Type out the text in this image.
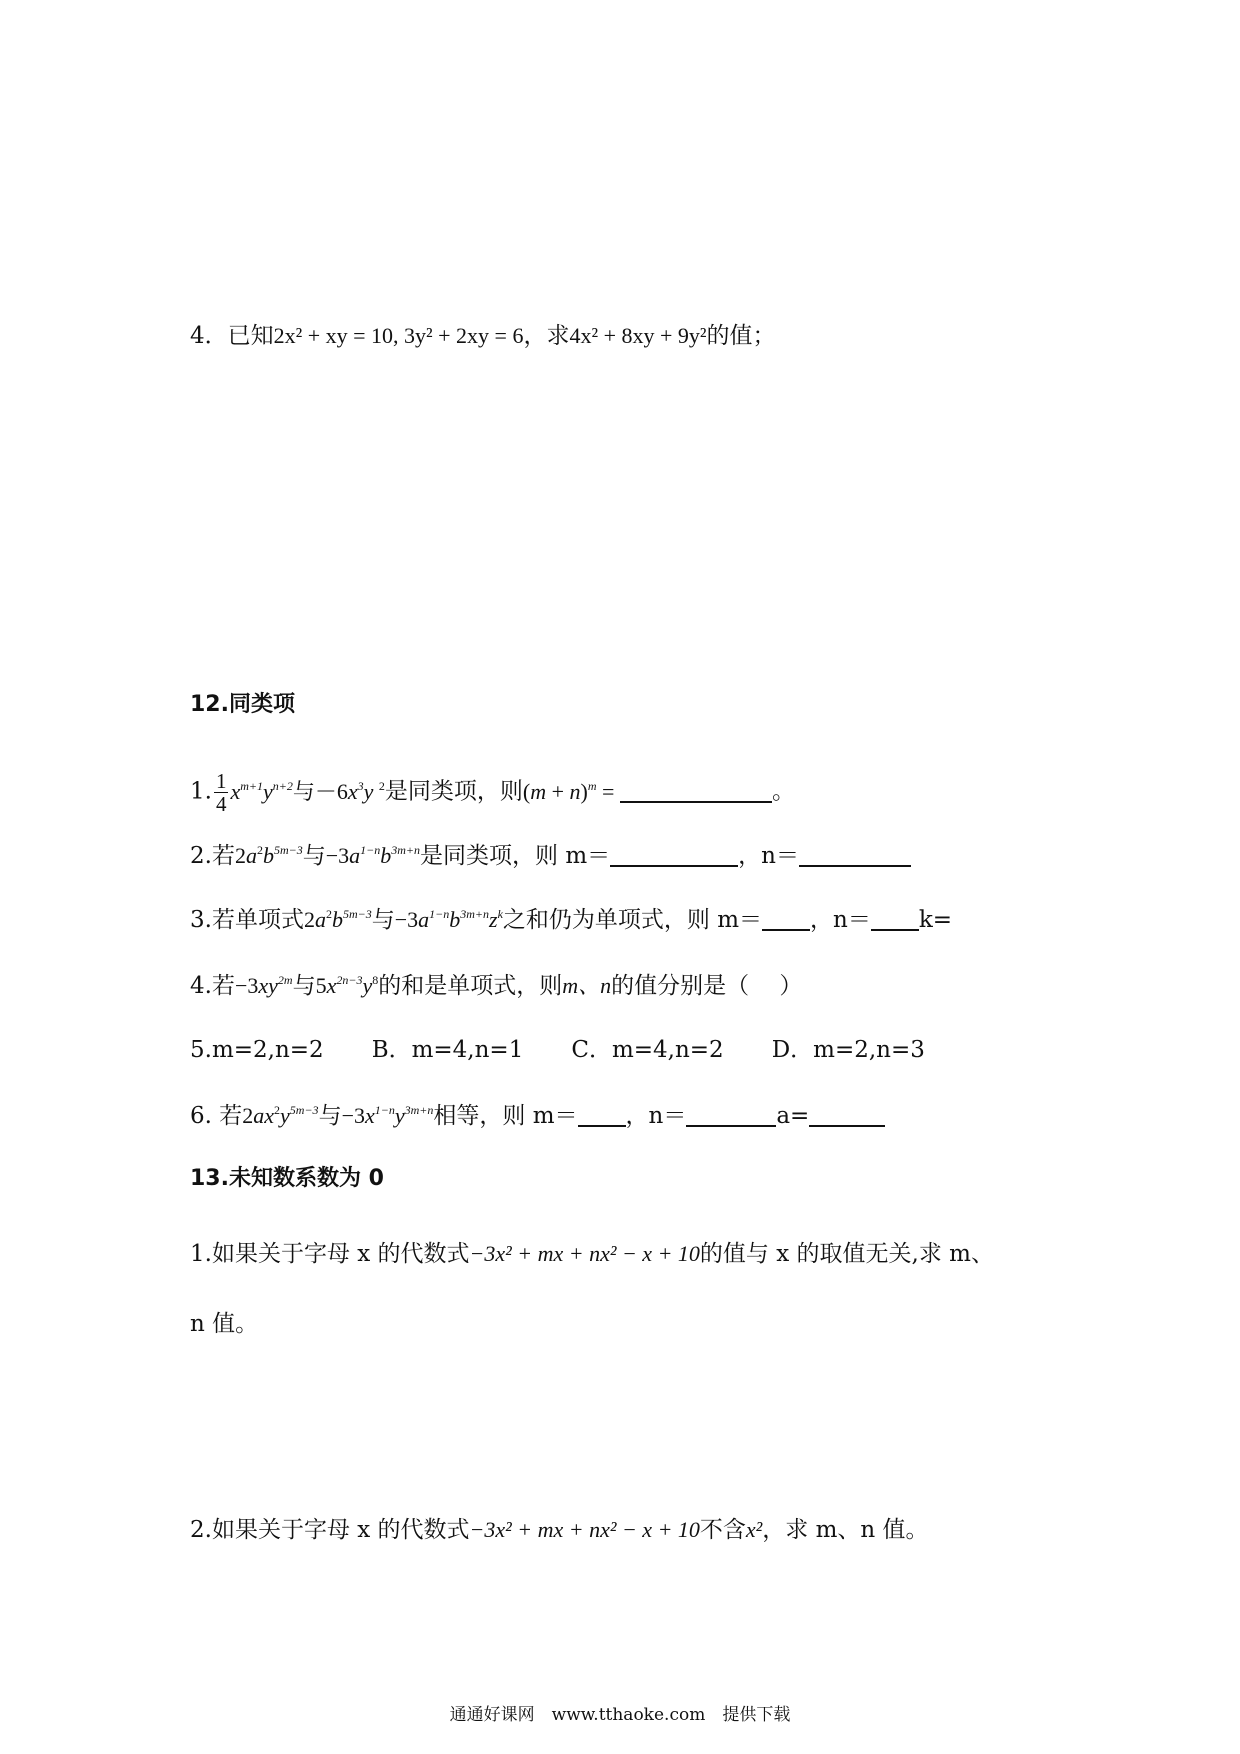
4．已知2x² + xy = 10, 3y² + 2xy = 6，求4x² + 8xy + 9y²的值；
12.同类项
1. $\frac{1}{4} x^{m+1}y^{n+2}$与$-6x^3y$ $^2$是同类项，则$(m + n)^m$ =	。
2.若$2a^2b^{5m-3}$与$-3a^{1-n}b^{3m+n}$是同类项，则 m＝	，n＝
3.若单项式$2a^2b^{5m-3}$与$-3a^{1-n}b^{3m+n}z^k$之和仍为单项式，则 m＝ ，n＝ k=
4.若$-3xy^{2m}$与$5x^{2n-3}y^8$的和是单项式，则m、n的值分别是（　 ）
5.m=2,n=2 B．m=4,n=1 C．m=4,n=2 D．m=2,n=3
6. 若$2ax^2y^{5m-3}$与$-3x^{1-n}y^{3m+n}$相等，则 m＝ ，n＝	a=
13.未知数系数为 0
1.如果关于字母 x 的代数式−3x² + mx + nx² − x + 10的值与 x 的取值无关,求 m、
n 值。
2.如果关于字母 x 的代数式−3x² + mx + nx² − x + 10不含x²，求 m、n 值。
通通好课网　www.tthaoke.com　提供下载
